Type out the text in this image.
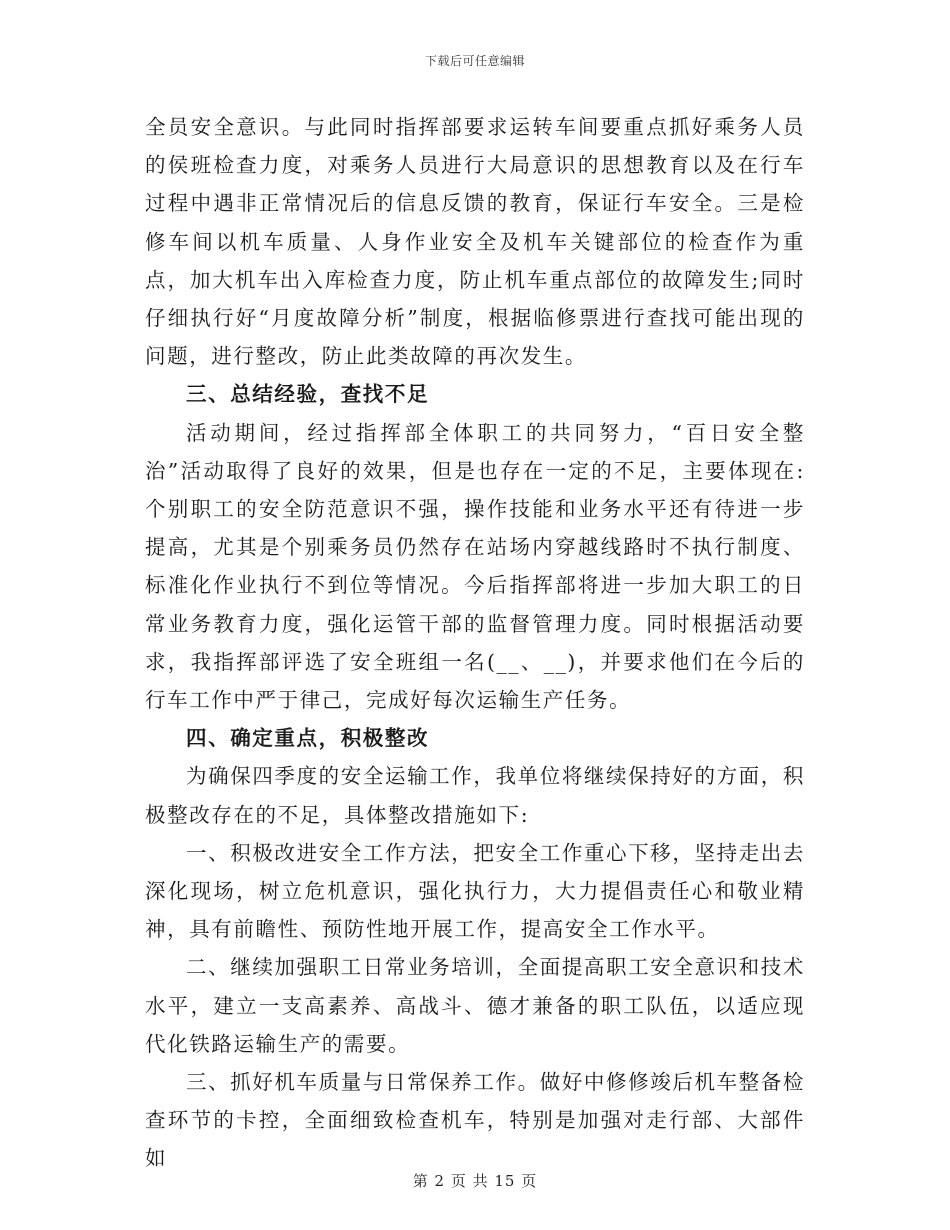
下载后可任意编辑

全员安全意识。与此同时指挥部要求运转车间要重点抓好乘务人员的侯班检查力度，对乘务人员进行大局意识的思想教育以及在行车过程中遇非正常情况后的信息反馈的教育，保证行车安全。三是检修车间以机车质量、人身作业安全及机车关键部位的检查作为重点，加大机车出入库检查力度，防止机车重点部位的故障发生;同时仔细执行好“月度故障分析”制度，根据临修票进行查找可能出现的问题，进行整改，防止此类故障的再次发生。

三、总结经验，查找不足

活动期间，经过指挥部全体职工的共同努力，“百日安全整治”活动取得了良好的效果，但是也存在一定的不足，主要体现在:个别职工的安全防范意识不强，操作技能和业务水平还有待进一步提高，尤其是个别乘务员仍然存在站场内穿越线路时不执行制度、标准化作业执行不到位等情况。今后指挥部将进一步加大职工的日常业务教育力度，强化运管干部的监督管理力度。同时根据活动要求，我指挥部评选了安全班组一名(__、__)，并要求他们在今后的行车工作中严于律己，完成好每次运输生产任务。

四、确定重点，积极整改

为确保四季度的安全运输工作，我单位将继续保持好的方面，积极整改存在的不足，具体整改措施如下:

一、积极改进安全工作方法，把安全工作重心下移，坚持走出去深化现场，树立危机意识，强化执行力，大力提倡责任心和敬业精神，具有前瞻性、预防性地开展工作，提高安全工作水平。

二、继续加强职工日常业务培训，全面提高职工安全意识和技术水平，建立一支高素养、高战斗、德才兼备的职工队伍，以适应现代化铁路运输生产的需要。

三、抓好机车质量与日常保养工作。做好中修修竣后机车整备检查环节的卡控，全面细致检查机车，特别是加强对走行部、大部件如

第 2 页 共 15 页
